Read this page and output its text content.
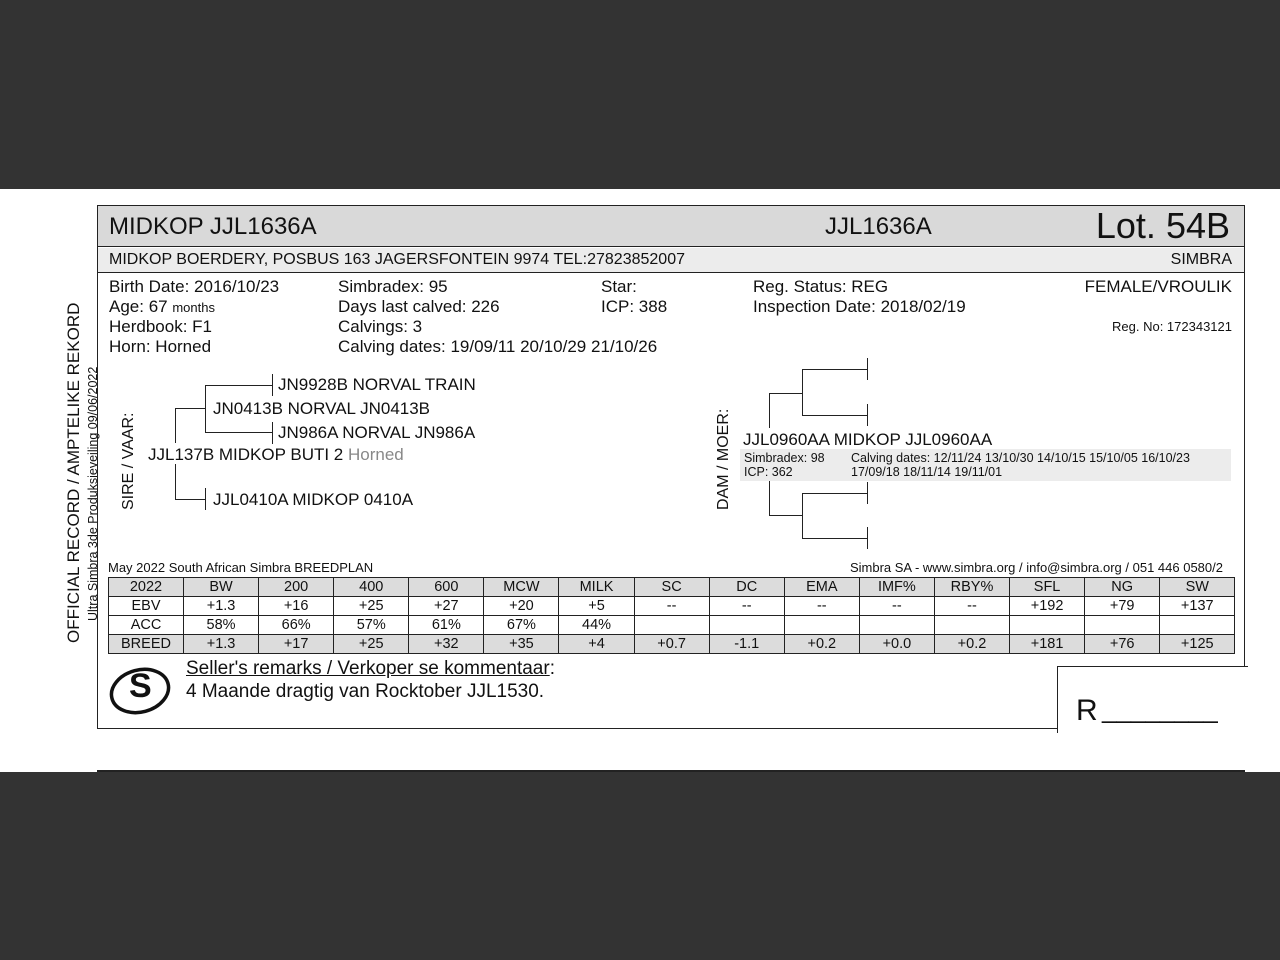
OFFICIAL RECORD / AMPTELIKE REKORD Ultra Simbra 3de Produksieveiling 09/06/2022
MIDKOP JJL1636A	JJL1636A	Lot. 54B
MIDKOP BOERDERY, POSBUS 163 JAGERSFONTEIN 9974 TEL:27823852007	SIMBRA
Birth Date: 2016/10/23
Age: 67 months
Herdbook: F1
Horn: Horned
Simbradex: 95
Days last calved: 226
Calvings: 3
Calving dates: 19/09/11 20/10/29 21/10/26
Star:
ICP: 388
Reg. Status: REG
Inspection Date: 2018/02/19
FEMALE/VROULIK
Reg. No: 172343121
SIRE / VAAR:
JN9928B NORVAL TRAIN
JN0413B NORVAL JN0413B
JN986A NORVAL JN986A
JJL137B MIDKOP BUTI 2 Horned
JJL0410A MIDKOP 0410A	DAM / MOER: JJL0960AA MIDKOP JJL0960AA
Simbradex: 98
ICP: 362
Calving dates: 12/11/24 13/10/30 14/10/15 15/10/05 16/10/23
17/09/18 18/11/14 19/11/01
May 2022 South African Simbra BREEDPLAN	Simbra SA - www.simbra.org / info@simbra.org / 051 446 0580/2
2022	BW	200	400	600	MCW	MILK	SC	DC	EMA	IMF%	RBY%	SFL	NG	SW
EBV	+1.3	+16	+25	+27	+20	+5	--	--	--	--	--	+192	+79	+137
ACC	58%	66%	57%	61%	67%	44%								
BREED	+1.3	+17	+25	+32	+35	+4	+0.7	-1.1	+0.2	+0.0	+0.2	+181	+76	+125
S Seller's remarks / Verkoper se kommentaar:
4 Maande dragtig van Rocktober JJL1530.
R ________
